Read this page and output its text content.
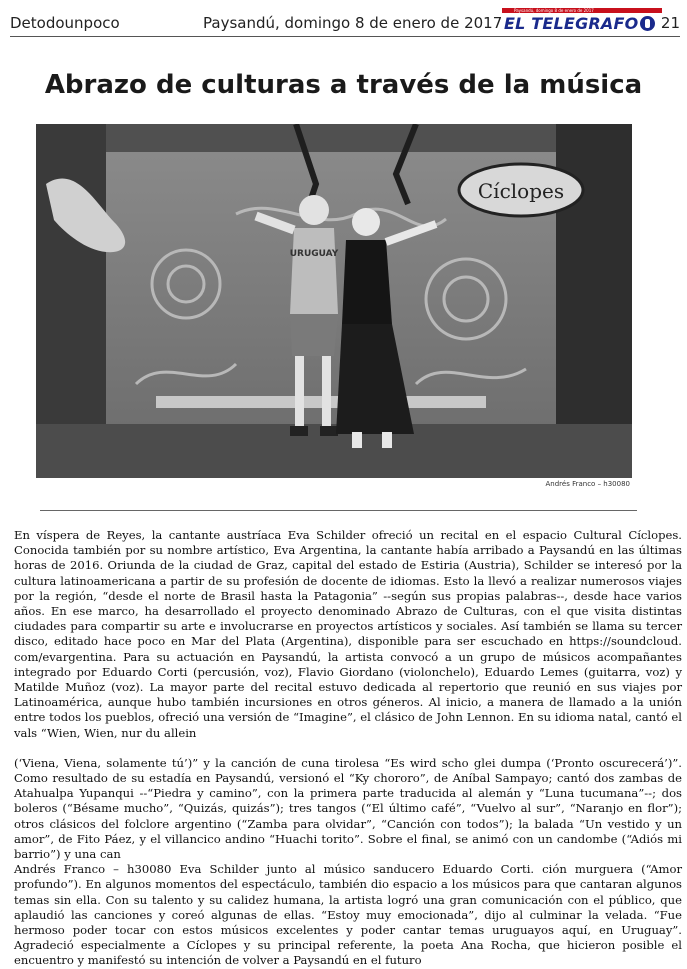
Detodounpoco	Paysandú, domingo 8 de enero de 2017 -
Paysandú, domingo 8 de enero de 2017
EL TELEGRAFO 21
Abrazo de culturas a través de la música
Cíclopes
URUGUAY
Andrés Franco – h30080

En víspera de Reyes, la cantante austríaca Eva Schilder ofreció un recital en el espacio Cultural Cíclopes. Conocida también por su nombre artístico, Eva Argentina, la cantante había arribado a Paysandú en las últimas horas de 2016. Oriunda de la ciudad de Graz, capital del estado de Estiria (Austria), Schilder se interesó por la cultura latinoamericana a partir de su profesión de docente de idiomas. Esto la llevó a realizar numerosos viajes por la región, “desde el norte de Brasil hasta la Patagonia” --según sus propias palabras--, desde hace varios años. En ese marco, ha desarrollado el proyecto denominado Abrazo de Culturas, con el que visita distintas ciudades para compartir su arte e involucrarse en proyectos artísticos y sociales. Así también se llama su tercer disco, editado hace poco en Mar del Plata (Argentina), disponible para ser escuchado en https://soundcloud. com/evargentina. Para su actuación en Paysandú, la artista convocó a un grupo de músicos acompañantes integrado por Eduardo Corti (percusión, voz), Flavio Giordano (violonchelo), Eduardo Lemes (guitarra, voz) y Matilde Muñoz (voz). La mayor parte del recital estuvo dedicada al repertorio que reunió en sus viajes por Latinoamérica, aunque hubo también incursiones en otros géneros. Al inicio, a manera de llamado a la unión entre todos los pueblos, ofreció una versión de “Imagine”, el clásico de John Lennon. En su idioma natal, cantó el vals “Wien, Wien, nur du allein

(‘Viena, Viena, solamente tú’)” y la canción de cuna tirolesa “Es wird scho glei dumpa (‘Pronto oscurecerá’)”. Como resultado de su estadía en Paysandú, versionó el “Ky chororo”, de Aníbal Sampayo; cantó dos zambas de Atahualpa Yupanqui --“Piedra y camino”, con la primera parte traducida al alemán y “Luna tucumana”--; dos boleros (“Bésame mucho”, “Quizás, quizás”); tres tangos (“El último café”, “Vuelvo al sur”, “Naranjo en flor”); otros clásicos del folclore argentino (“Zamba para olvidar”, “Canción con todos”); la balada “Un vestido y un amor”, de Fito Páez, y el villancico andino “Huachi torito”. Sobre el final, se animó con un candombe (“Adiós mi barrio”) y una can

Andrés Franco – h30080 Eva Schilder junto al músico sanducero Eduardo Corti. ción murguera (“Amor profundo”). En algunos momentos del espectáculo, también dio espacio a los músicos para que cantaran algunos temas sin ella. Con su talento y su calidez humana, la artista logró una gran comunicación con el público, que aplaudió las canciones y coreó algunas de ellas. “Estoy muy emocionada”, dijo al culminar la velada. “Fue hermoso poder tocar con estos músicos excelentes y poder cantar temas uruguayos aquí, en Uruguay”. Agradeció especialmente a Cíclopes y su principal referente, la poeta Ana Rocha, que hicieron posible el encuentro y manifestó su intención de volver a Paysandú en el futuro
